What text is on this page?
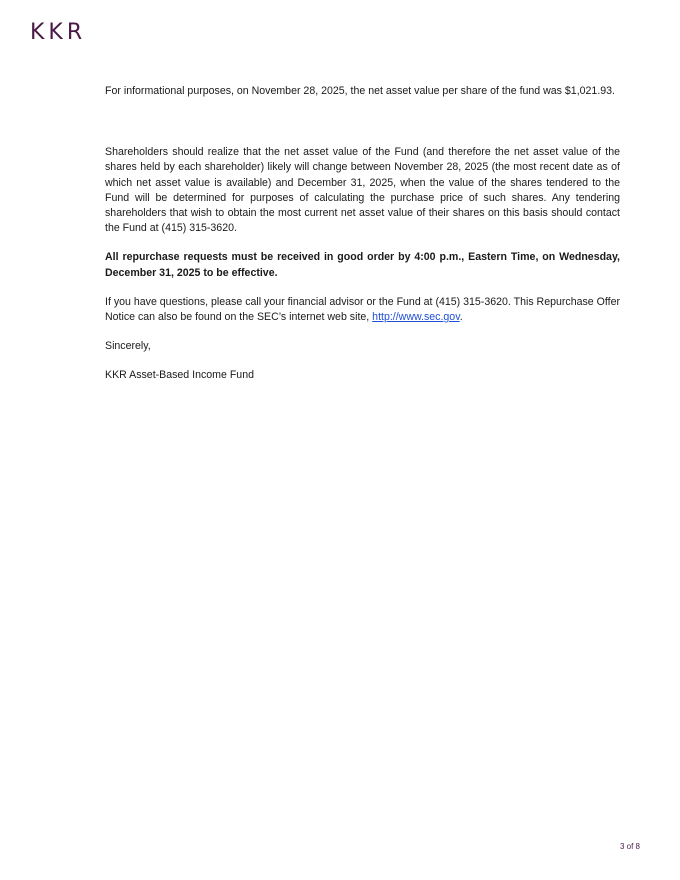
KKR

For informational purposes, on November 28, 2025, the net asset value per share of the fund was $1,021.93.

Shareholders should realize that the net asset value of the Fund (and therefore the net asset value of the shares held by each shareholder) likely will change between November 28, 2025 (the most recent date as of which net asset value is available) and December 31, 2025, when the value of the shares tendered to the Fund will be determined for purposes of calculating the purchase price of such shares. Any tendering shareholders that wish to obtain the most current net asset value of their shares on this basis should contact the Fund at (415) 315-3620.

All repurchase requests must be received in good order by 4:00 p.m., Eastern Time, on Wednesday, December 31, 2025 to be effective.

If you have questions, please call your financial advisor or the Fund at (415) 315-3620. This Repurchase Offer Notice can also be found on the SEC’s internet web site, http://www.sec.gov.

Sincerely,

KKR Asset-Based Income Fund

3 of 8
